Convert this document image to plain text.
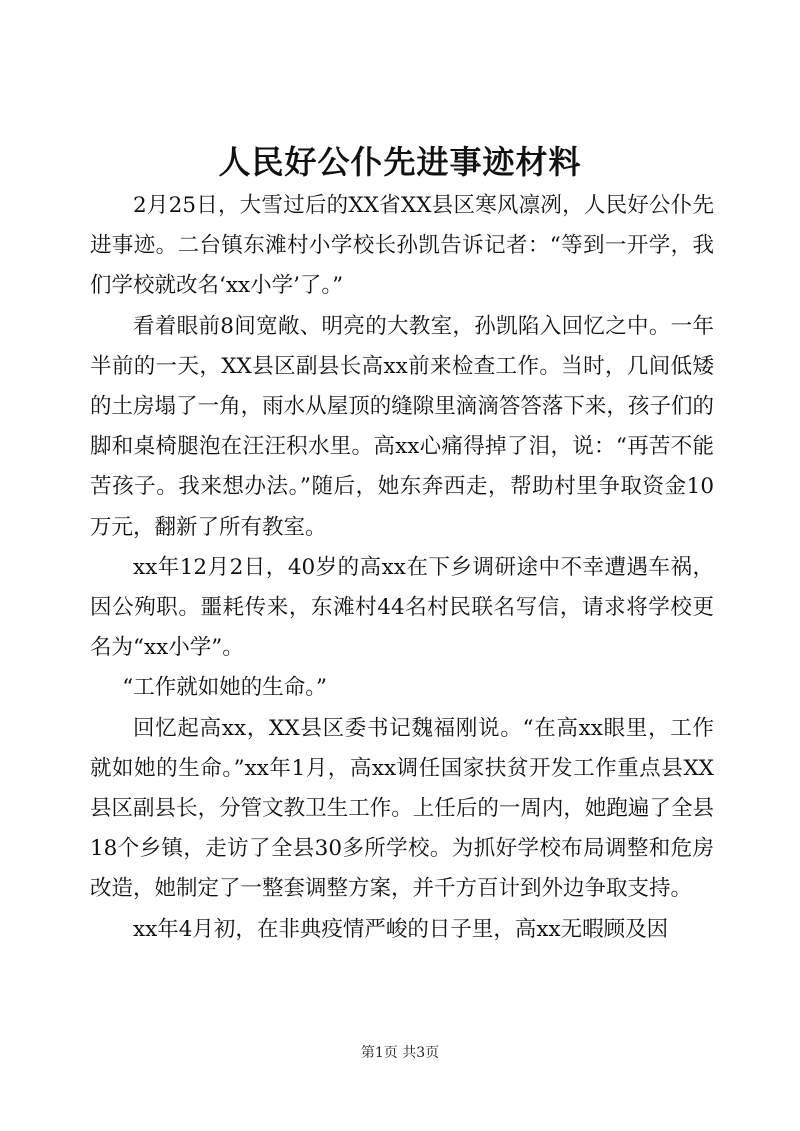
人民好公仆先进事迹材料

2月25日，大雪过后的XX省XX县区寒风凛冽，人民好公仆先进事迹。二台镇东滩村小学校长孙凯告诉记者：“等到一开学，我们学校就改名‘xx小学’了。”

看着眼前8间宽敞、明亮的大教室，孙凯陷入回忆之中。一年半前的一天，XX县区副县长高xx前来检查工作。当时，几间低矮的土房塌了一角，雨水从屋顶的缝隙里滴滴答答落下来，孩子们的脚和桌椅腿泡在汪汪积水里。高xx心痛得掉了泪，说：“再苦不能苦孩子。我来想办法。”随后，她东奔西走，帮助村里争取资金10万元，翻新了所有教室。

xx年12月2日，40岁的高xx在下乡调研途中不幸遭遇车祸，因公殉职。噩耗传来，东滩村44名村民联名写信，请求将学校更名为“xx小学”。

“工作就如她的生命。”

回忆起高xx，XX县区委书记魏福刚说。“在高xx眼里，工作就如她的生命。”xx年1月，高xx调任国家扶贫开发工作重点县XX县区副县长，分管文教卫生工作。上任后的一周内，她跑遍了全县18个乡镇，走访了全县30多所学校。为抓好学校布局调整和危房改造，她制定了一整套调整方案，并千方百计到外边争取支持。

xx年4月初，在非典疫情严峻的日子里，高xx无暇顾及因

第1页 共3页
